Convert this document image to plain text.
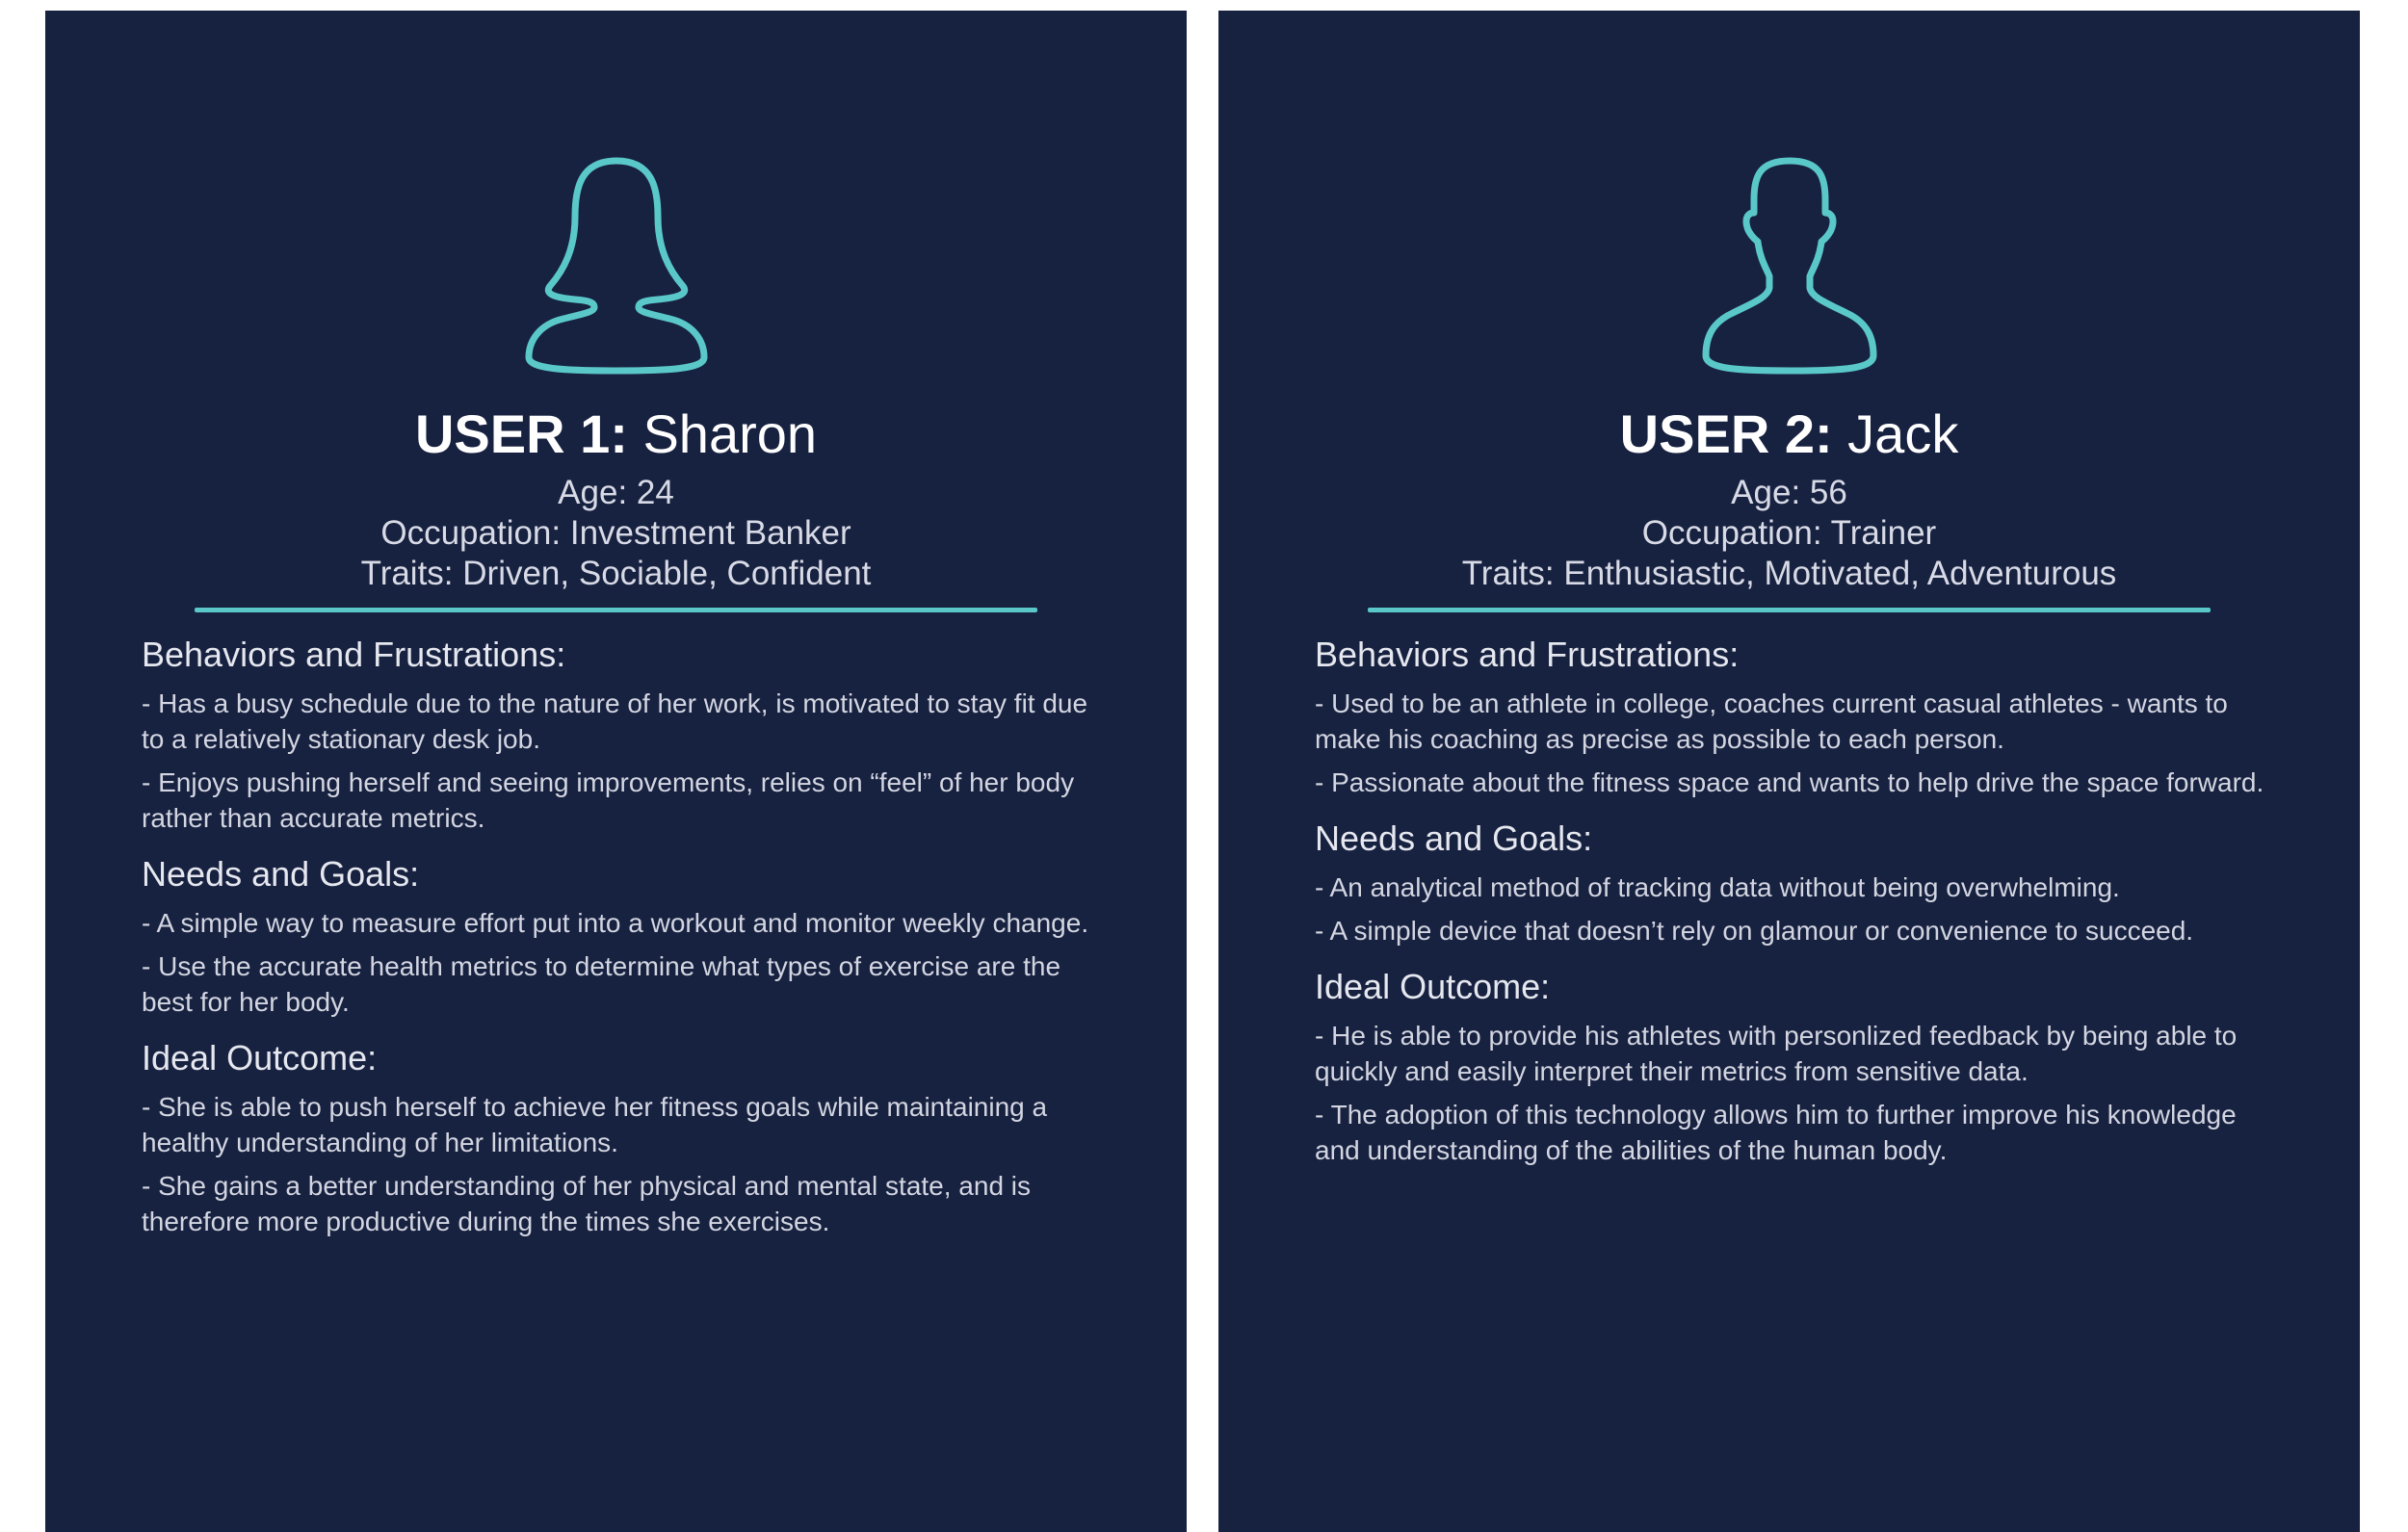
USER 1: Sharon

Age: 24

Occupation: Investment Banker

Traits: Driven, Sociable, Confident

Behaviors and Frustrations:

- Has a busy schedule due to the nature of her work, is motivated to stay fit due to a relatively stationary desk job.

- Enjoys pushing herself and seeing improvements, relies on “feel” of her body rather than accurate metrics.

Needs and Goals:

- A simple way to measure effort put into a workout and monitor weekly change.

- Use the accurate health metrics to determine what types of exercise are the best for her body.

Ideal Outcome:

- She is able to push herself to achieve her fitness goals while maintaining a healthy understanding of her limitations.

- She gains a better understanding of her physical and mental state, and is therefore more productive during the times she exercises.

USER 2: Jack

Age: 56

Occupation: Trainer

Traits: Enthusiastic, Motivated, Adventurous

Behaviors and Frustrations:

- Used to be an athlete in college, coaches current casual athletes - wants to make his coaching as precise as possible to each person.

- Passionate about the fitness space and wants to help drive the space forward.

Needs and Goals:

- An analytical method of tracking data without being overwhelming.

- A simple device that doesn’t rely on glamour or convenience to succeed.

Ideal Outcome:

- He is able to provide his athletes with personlized feedback by being able to quickly and easily interpret their metrics from sensitive data.

- The adoption of this technology allows him to further improve his knowledge and understanding of the abilities of the human body.
